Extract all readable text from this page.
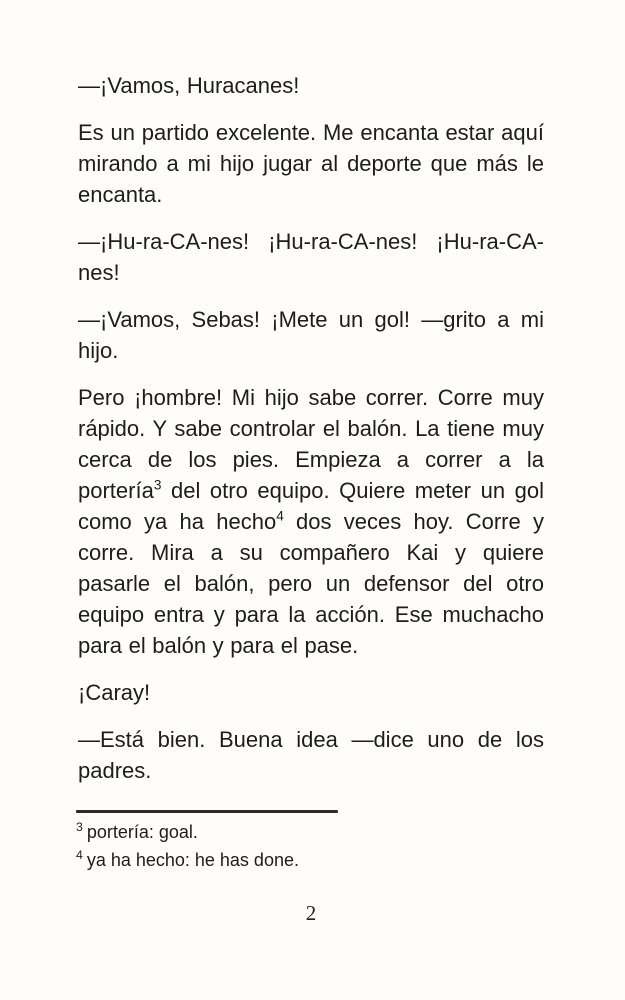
—¡Vamos, Huracanes!

Es un partido excelente. Me encanta estar aquí mirando a mi hijo jugar al deporte que más le encanta.

—¡Hu-ra-CA-nes! ¡Hu-ra-CA-nes! ¡Hu-ra-CA-nes!

—¡Vamos, Sebas! ¡Mete un gol! —grito a mi hijo.

Pero ¡hombre! Mi hijo sabe correr. Corre muy rápido. Y sabe controlar el balón. La tiene muy cerca de los pies. Empieza a correr a la portería$^3$ del otro equipo. Quiere meter un gol como ya ha hecho$^4$ dos veces hoy. Corre y corre. Mira a su compañero Kai y quiere pasarle el balón, pero un defensor del otro equipo entra y para la acción. Ese muchacho para el balón y para el pase.

¡Caray!

—Está bien. Buena idea —dice uno de los padres.

$^3$ portería: goal.
$^4$ ya ha hecho: he has done.
2
